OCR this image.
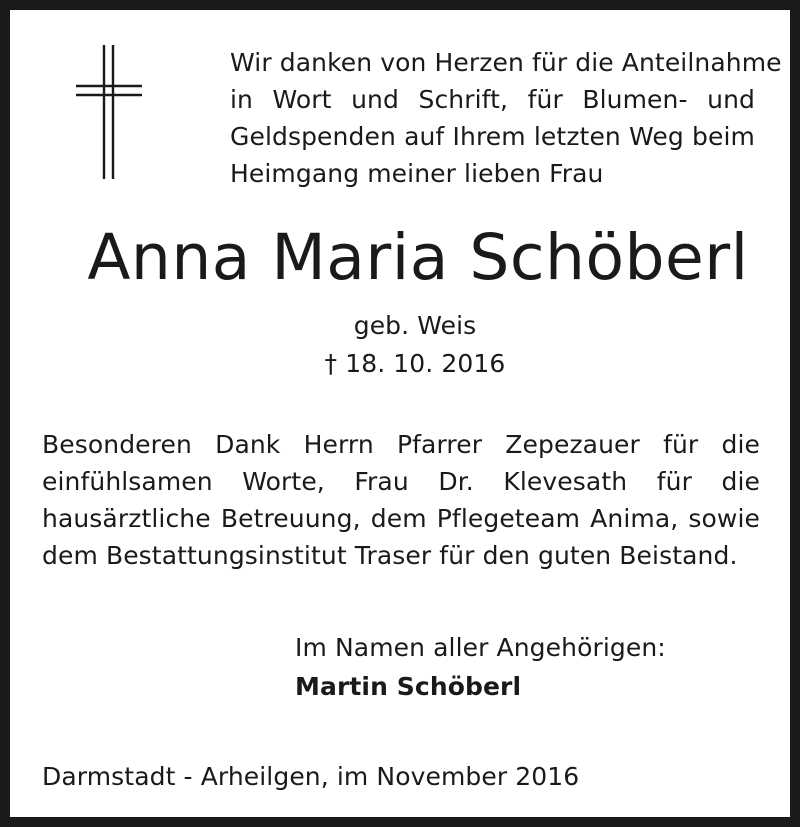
Wir danken von Herzen für die Anteilnahme

in Wort und Schrift, für Blumen- und

Geldspenden auf Ihrem letzten Weg beim

Heimgang meiner lieben Frau

Anna Maria Schöberl

geb. Weis

† 18. 10. 2016

Besonderen Dank Herrn Pfarrer Zepezauer für die

einfühlsamen Worte, Frau Dr. Klevesath für die

hausärztliche Betreuung, dem Pflegeteam Anima, sowie

dem Bestattungsinstitut Traser für den guten Beistand.

Im Namen aller Angehörigen:

Martin Schöberl

Darmstadt - Arheilgen, im November 2016
